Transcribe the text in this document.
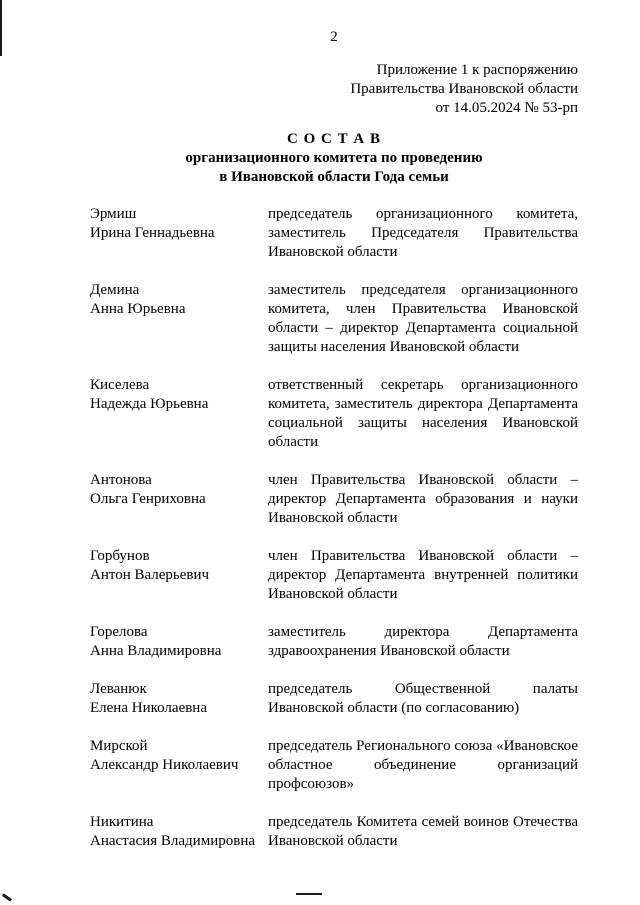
2
Приложение 1 к распоряжению
Правительства Ивановской области
от 14.05.2024 № 53-рп
С О С Т А В
организационного комитета по проведению
в Ивановской области Года семьи
Эрмиш
Ирина Геннадьевна
председатель организационного комитета, заместитель Председателя Правительства Ивановской области
Демина
Анна Юрьевна
заместитель председателя организационного комитета, член Правительства Ивановской области – директор Департамента социальной защиты населения Ивановской области
Киселева
Надежда Юрьевна
ответственный секретарь организационного комитета, заместитель директора Департамента социальной защиты населения Ивановской области
Антонова
Ольга Генриховна
член Правительства Ивановской области – директор Департамента образования и науки Ивановской области
Горбунов
Антон Валерьевич
член Правительства Ивановской области – директор Департамента внутренней политики Ивановской области
Горелова
Анна Владимировна
заместитель директора Департамента здравоохранения Ивановской области
Леванюк
Елена Николаевна
председатель Общественной палаты Ивановской области (по согласованию)
Мирской
Александр Николаевич
председатель Регионального союза «Ивановское областное объединение организаций профсоюзов»
Никитина
Анастасия Владимировна
председатель Комитета семей воинов Отечества Ивановской области
